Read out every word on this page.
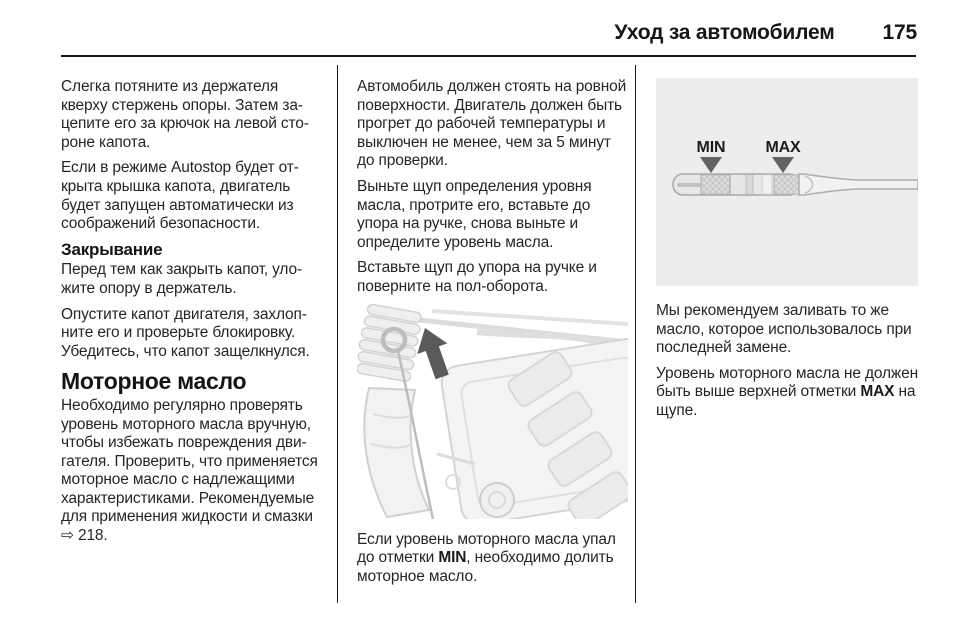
Уход за автомобилем 175

Слегка потяните из держателя кверху стержень опоры. Затем зацепите его за крючок на левой стороне капота.

Если в режиме Autostop будет открыта крышка капота, двигатель будет запущен автоматически из соображений безопасности.

Закрывание

Перед тем как закрыть капот, уложите опору в держатель.

Опустите капот двигателя, захлопните его и проверьте блокировку. Убедитесь, что капот защелкнулся.

Моторное масло

Необходимо регулярно проверять уровень моторного масла вручную, чтобы избежать повреждения двигателя. Проверить, что применяется моторное масло с надлежащими характеристиками. Рекомендуемые для применения жидкости и смазки ⇨ 218.

Автомобиль должен стоять на ровной поверхности. Двигатель должен быть прогрет до рабочей температуры и выключен не менее, чем за 5 минут до проверки.

Выньте щуп определения уровня масла, протрите его, вставьте до упора на ручке, снова выньте и определите уровень масла.

Вставьте щуп до упора на ручке и поверните на пол-оборота.

Если уровень моторного масла упал до отметки MIN, необходимо долить моторное масло.

MIN	MAX

Мы рекомендуем заливать то же масло, которое использовалось при последней замене.

Уровень моторного масла не должен быть выше верхней отметки MAX на щупе.
